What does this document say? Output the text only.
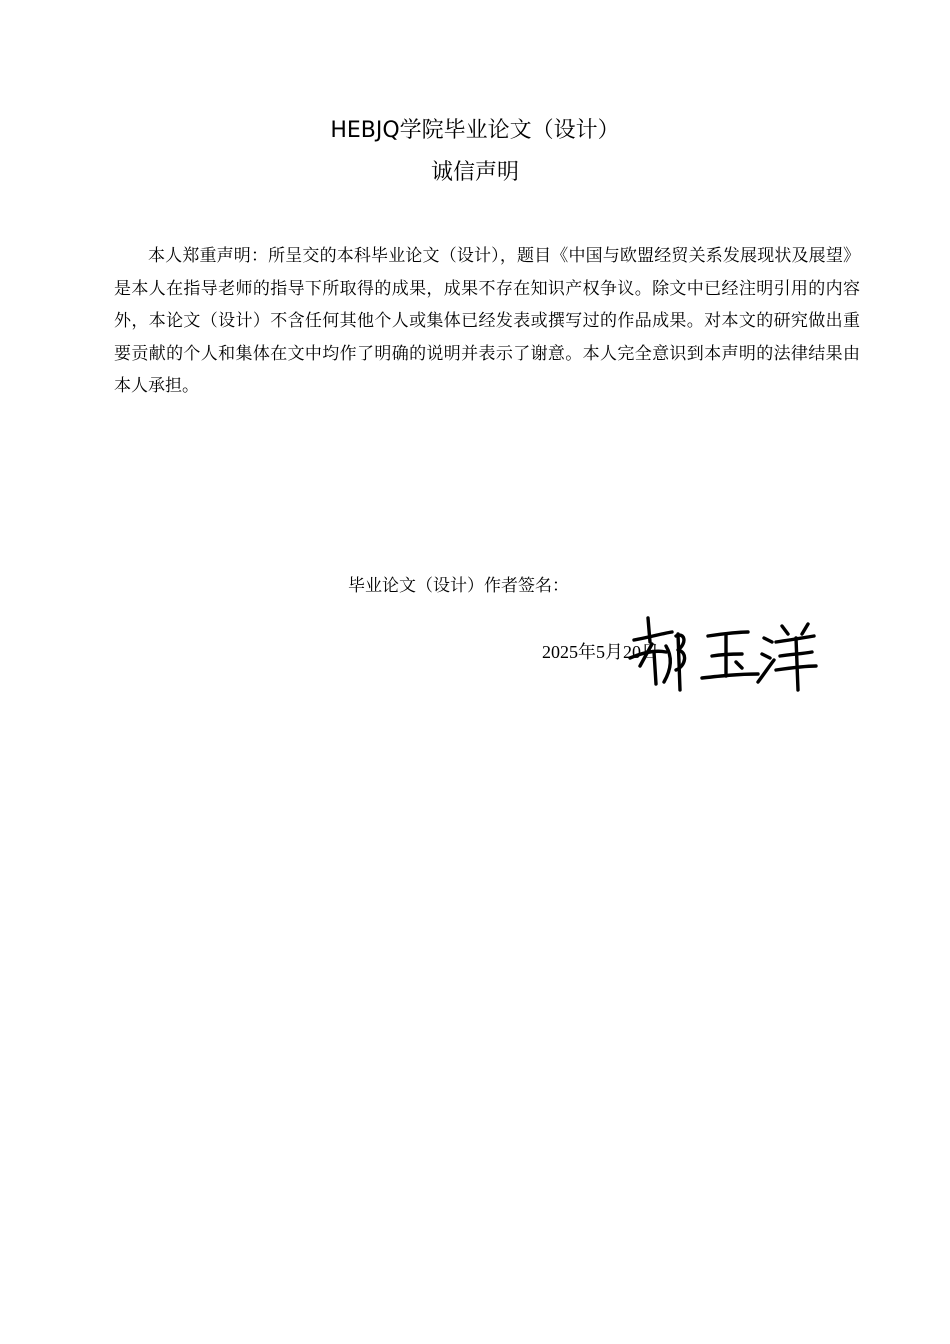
HEBJQ学院毕业论文（设计）
诚信声明

本人郑重声明：所呈交的本科毕业论文（设计），题目《中国与欧盟经贸关系发展现状及展望》是本人在指导老师的指导下所取得的成果，成果不存在知识产权争议。除文中已经注明引用的内容外，本论文（设计）不含任何其他个人或集体已经发表或撰写过的作品成果。对本文的研究做出重要贡献的个人和集体在文中均作了明确的说明并表示了谢意。本人完全意识到本声明的法律结果由本人承担。

毕业论文（设计）作者签名：
2025年5月20日
